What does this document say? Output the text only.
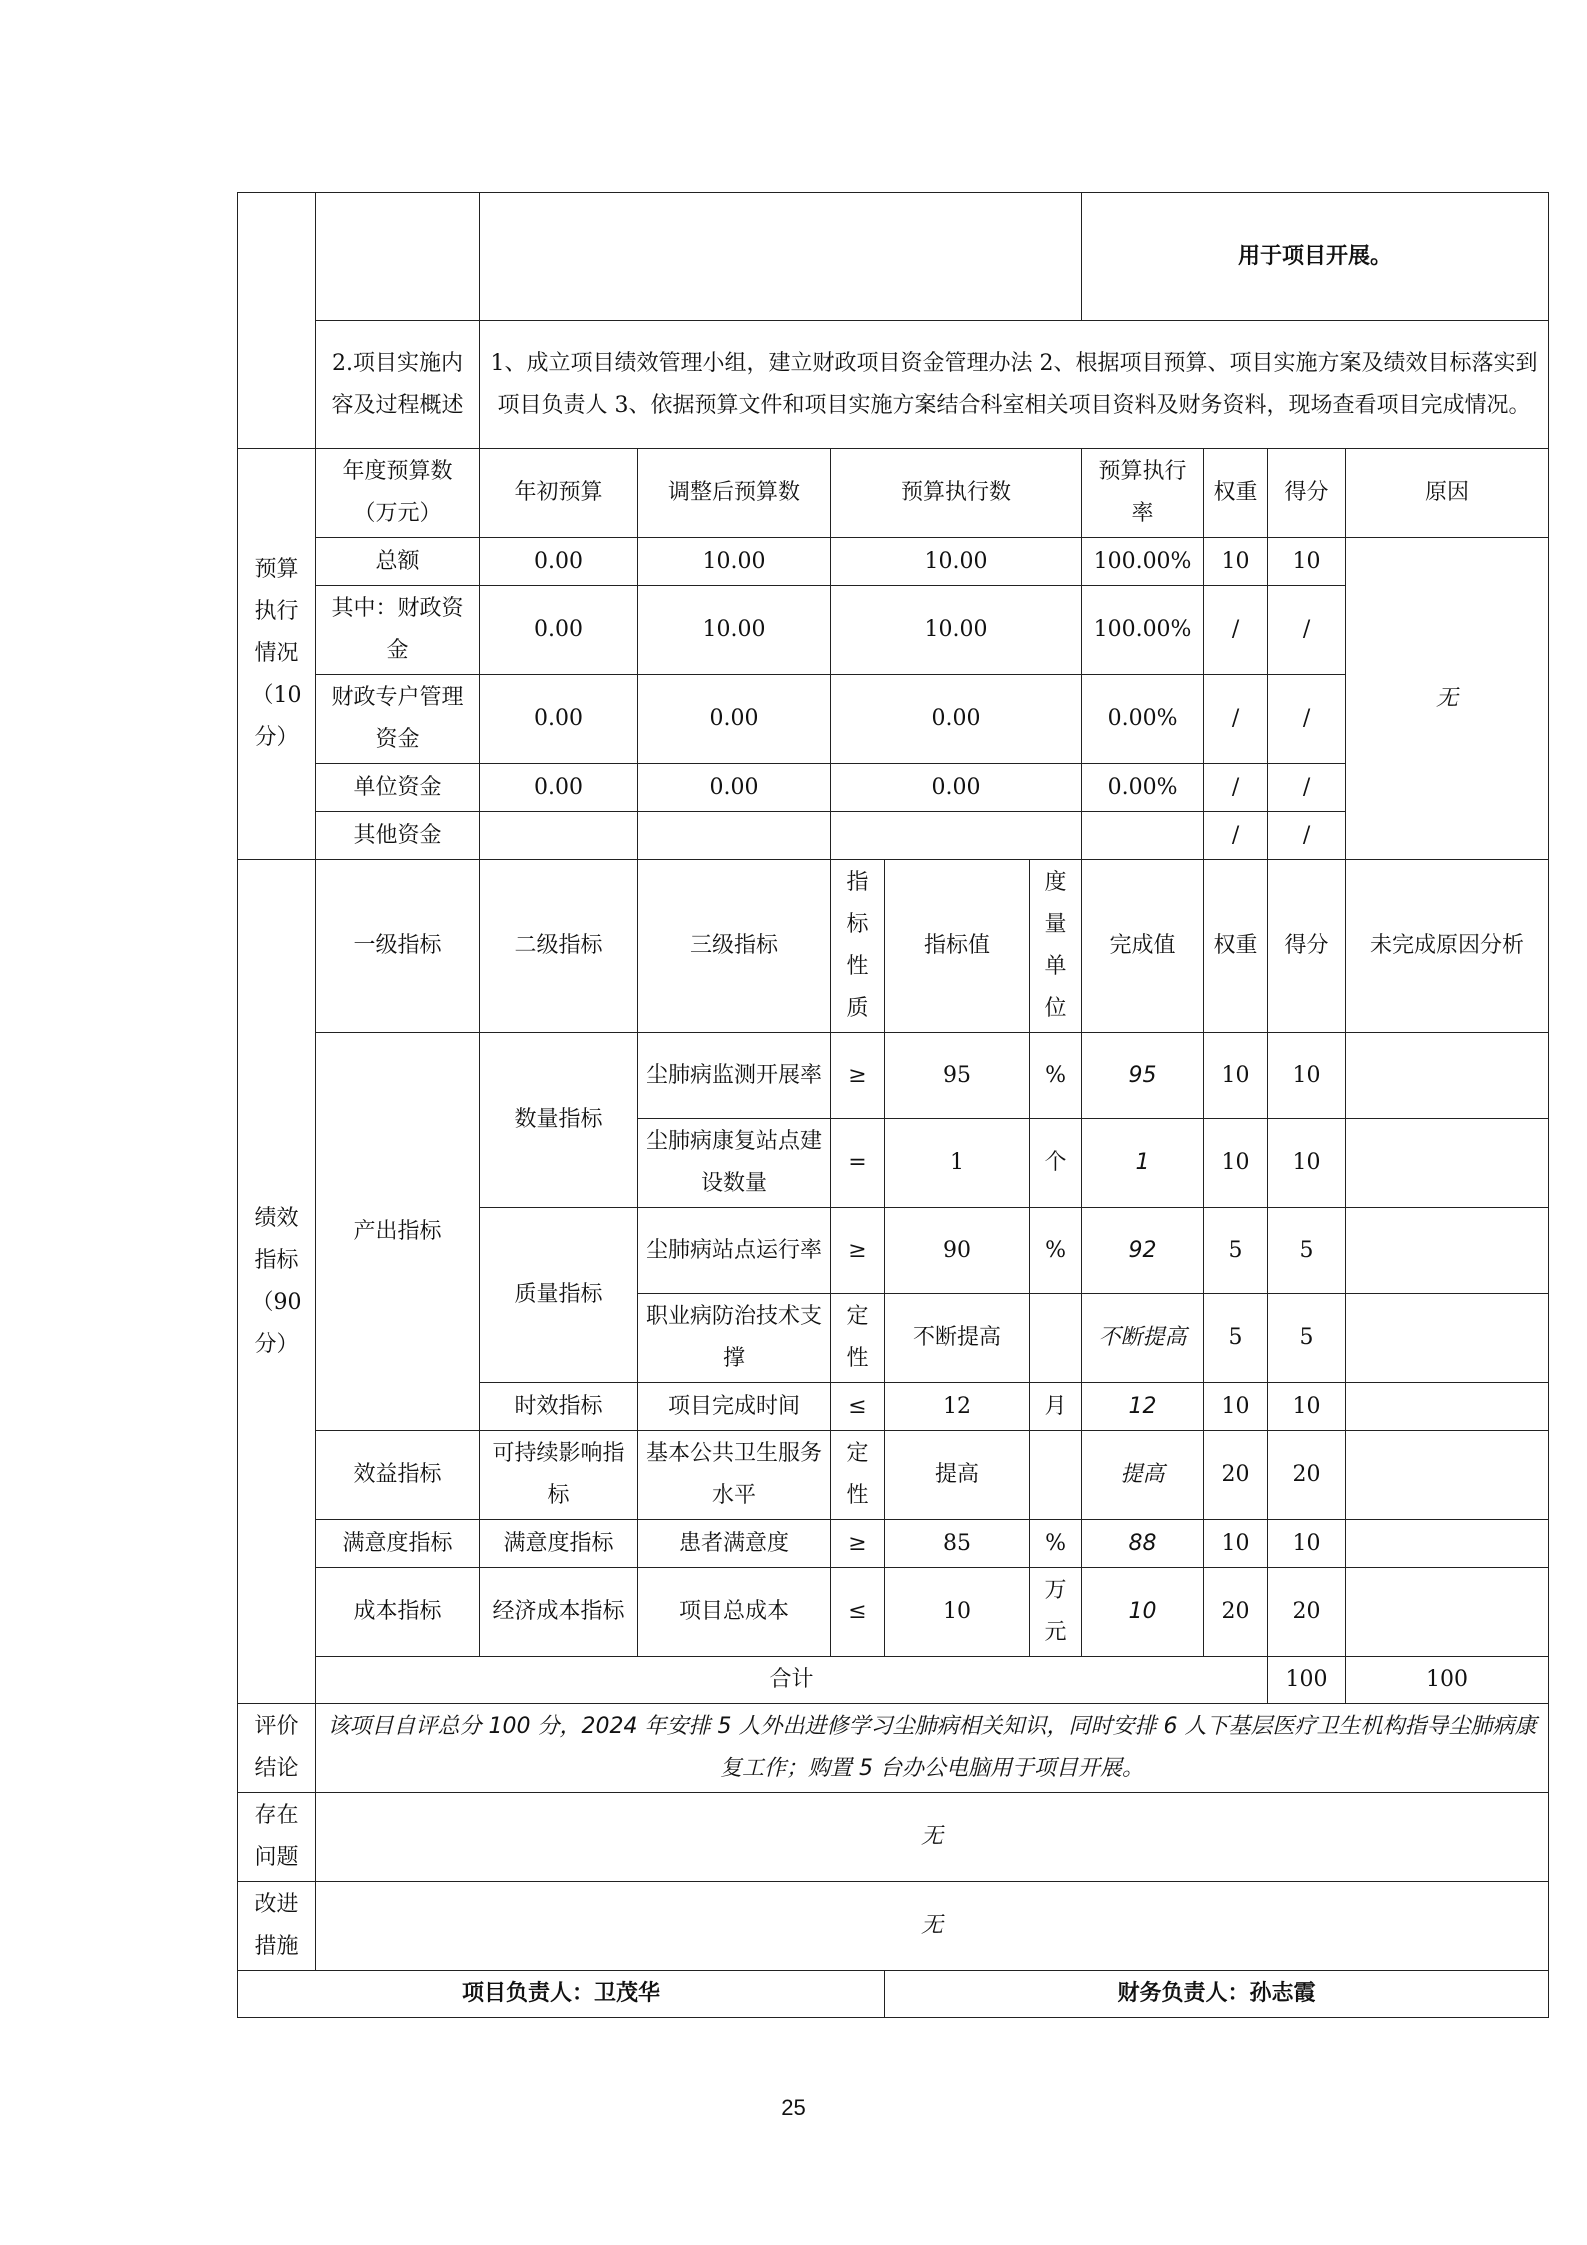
							用于项目开展。				
	2.项目实施内容及过程概述	1、成立项目绩效管理小组，建立财政项目资金管理办法 2、根据项目预算、项目实施方案及绩效目标落实到项目负责人 3、依据预算文件和项目实施方案结合科室相关项目资料及财务资料，现场查看项目完成情况。									
预算执行情况（10分）	年度预算数（万元）	年初预算	调整后预算数	预算执行数			预算执行率	权重	得分	原因	
	总额	0.00	10.00	10.00			100.00%	10	10	无	
	其中：财政资金	0.00	10.00	10.00			100.00%	/	/		
	财政专户管理资金	0.00	0.00	0.00			0.00%	/	/		
	单位资金	0.00	0.00	0.00			0.00%	/	/		
	其他资金							/	/		
绩效指标（90分）	一级指标	二级指标	三级指标	指标性质	指标值	度量单位	完成值	权重	得分	未完成原因分析	
	产出指标	数量指标	尘肺病监测开展率	≥	95	%	95	10	10		
			尘肺病康复站点建设数量	=	1	个	1	10	10		
		质量指标	尘肺病站点运行率	≥	90	%	92	5	5		
			职业病防治技术支撑	定性	不断提高		不断提高	5	5		
		时效指标	项目完成时间	≤	12	月	12	10	10		
	效益指标	可持续影响指标	基本公共卫生服务水平	定性	提高		提高	20	20		
	满意度指标	满意度指标	患者满意度	≥	85	%	88	10	10		
	成本指标	经济成本指标	项目总成本	≤	10	万元	10	20	20		
	合计								100	100	
评价结论	该项目自评总分 100 分，2024 年安排 5 人外出进修学习尘肺病相关知识，同时安排 6 人下基层医疗卫生机构指导尘肺病康复工作；购置 5 台办公电脑用于项目开展。										
存在问题	无										
改进措施	无										
项目负责人：卫茂华					财务负责人：孙志霞						
25
